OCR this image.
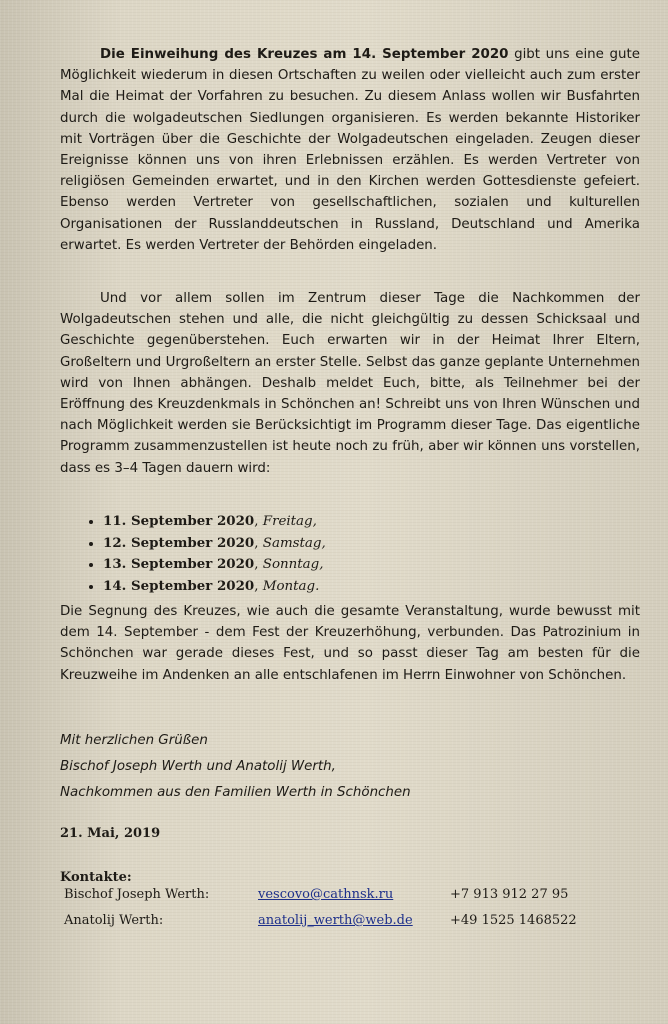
Die Einweihung des Kreuzes am 14. September 2020 gibt uns eine gute Möglichkeit wiederum in diesen Ortschaften zu weilen oder vielleicht auch zum erster Mal die Heimat der Vorfahren zu besuchen. Zu diesem Anlass wollen wir Busfahrten durch die wolgadeutschen Siedlungen organisieren. Es werden bekannte Historiker mit Vorträgen über die Geschichte der Wolgadeutschen eingeladen. Zeugen dieser Ereignisse können uns von ihren Erlebnissen erzählen. Es werden Vertreter von religiösen Gemeinden erwartet, und in den Kirchen werden Gottesdienste gefeiert. Ebenso werden Vertreter von gesellschaftlichen, sozialen und kulturellen Organisationen der Russlanddeutschen in Russland, Deutschland und Amerika erwartet. Es werden Vertreter der Behörden eingeladen.

Und vor allem sollen im Zentrum dieser Tage die Nachkommen der Wolgadeutschen stehen und alle, die nicht gleichgültig zu dessen Schicksaal und Geschichte gegenüberstehen. Euch erwarten wir in der Heimat Ihrer Eltern, Großeltern und Urgroßeltern an erster Stelle. Selbst das ganze geplante Unternehmen wird von Ihnen abhängen. Deshalb meldet Euch, bitte, als Teilnehmer bei der Eröffnung des Kreuzdenkmals in Schönchen an! Schreibt uns von Ihren Wünschen und nach Möglichkeit werden sie Berücksichtigt im Programm dieser Tage. Das eigentliche Programm zusammenzustellen ist heute noch zu früh, aber wir können uns vorstellen, dass es 3–4 Tagen dauern wird:

• 11. September 2020, Freitag,
• 12. September 2020, Samstag,
• 13. September 2020, Sonntag,
• 14. September 2020, Montag.

Die Segnung des Kreuzes, wie auch die gesamte Veranstaltung, wurde bewusst mit dem 14. September - dem Fest der Kreuzerhöhung, verbunden. Das Patrozinium in Schönchen war gerade dieses Fest, und so passt dieser Tag am besten für die Kreuzweihe im Andenken an alle entschlafenen im Herrn Einwohner von Schönchen.

Mit herzlichen Grüßen
Bischof Joseph Werth und Anatolij Werth,
Nachkommen aus den Familien Werth in Schönchen
21. Mai, 2019
Kontakte:
Bischof Joseph Werth:	vescovo@cathnsk.ru	+7 913 912 27 95
Anatolij Werth:	anatolij_werth@web.de	+49 1525 1468522
